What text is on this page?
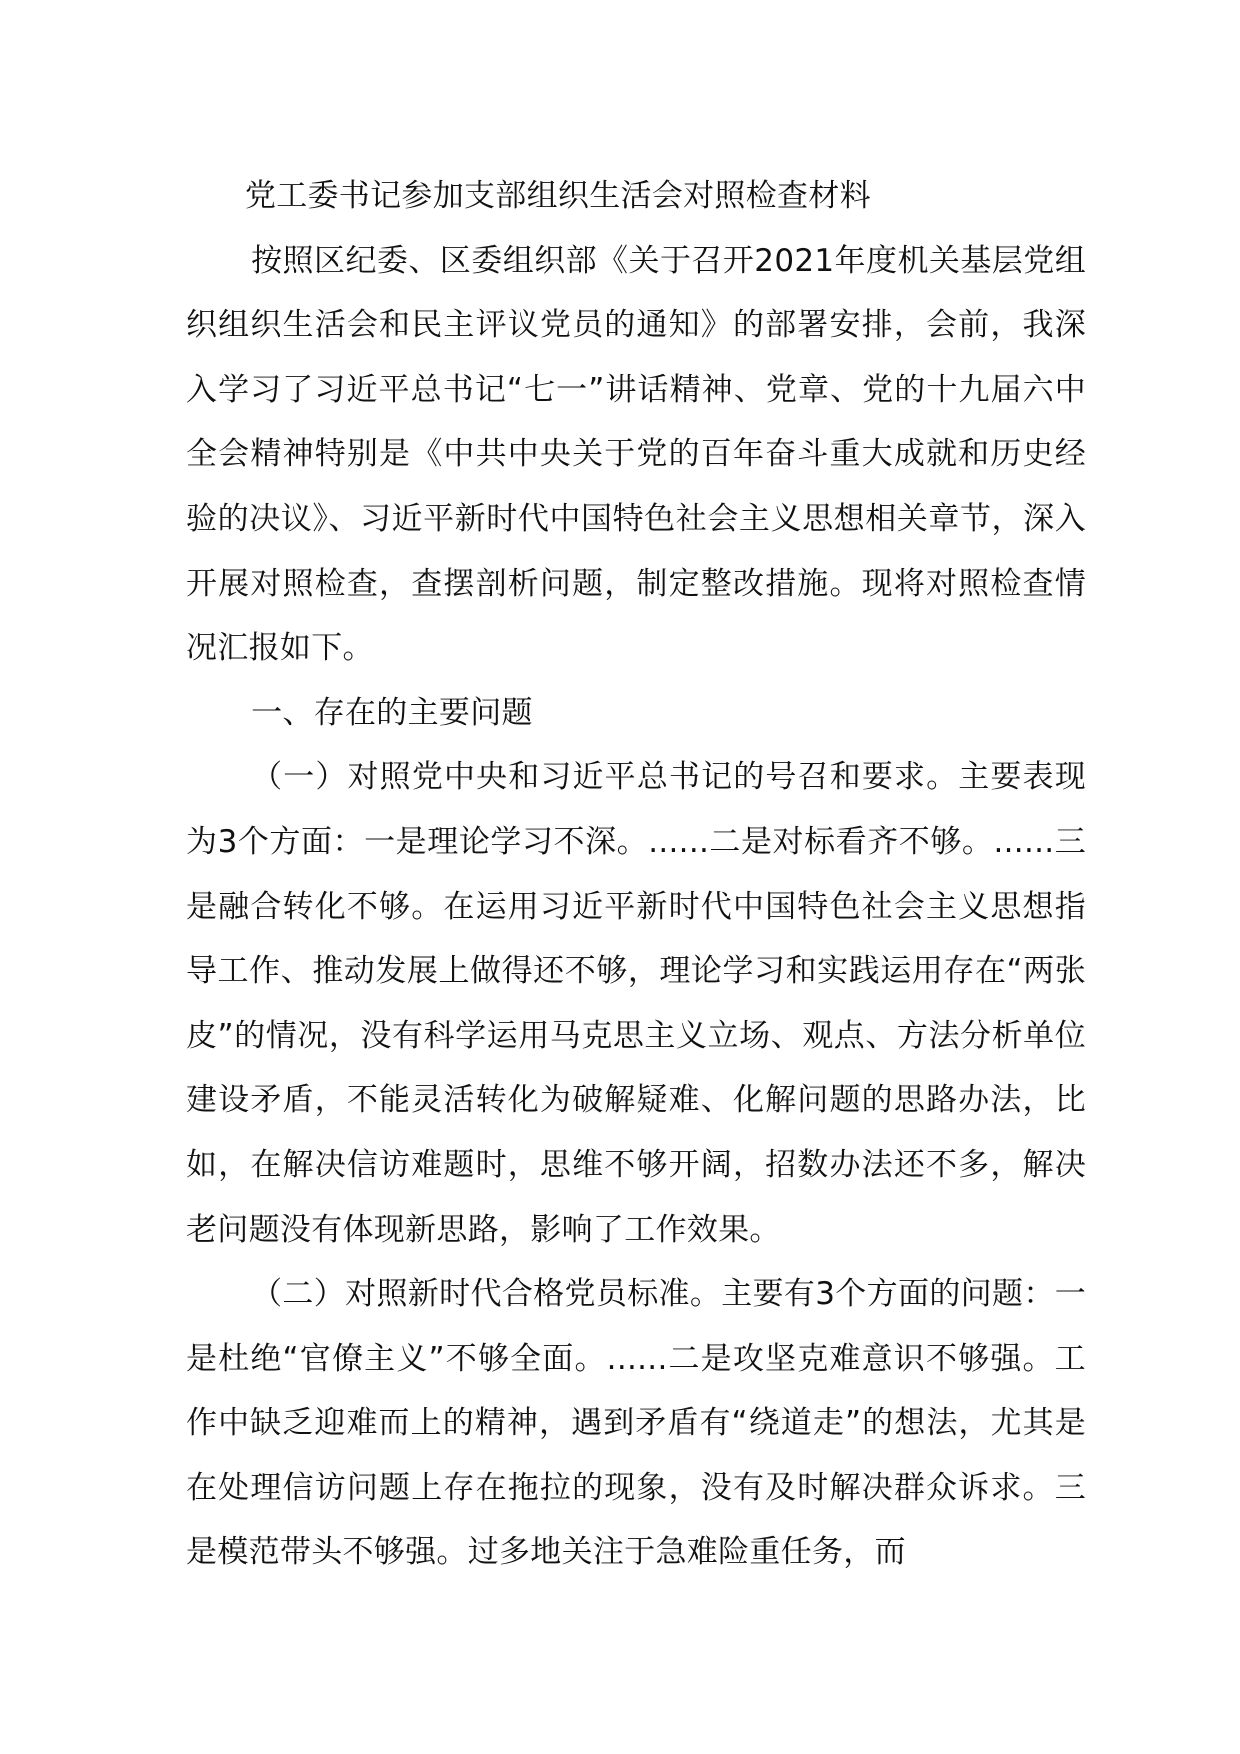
党工委书记参加支部组织生活会对照检查材料

按照区纪委、区委组织部《关于召开2021年度机关基层党组织组织生活会和民主评议党员的通知》的部署安排，会前，我深入学习了习近平总书记“七一”讲话精神、党章、党的十九届六中全会精神特别是《中共中央关于党的百年奋斗重大成就和历史经验的决议》、习近平新时代中国特色社会主义思想相关章节，深入开展对照检查，查摆剖析问题，制定整改措施。现将对照检查情况汇报如下。

一、存在的主要问题

（一）对照党中央和习近平总书记的号召和要求。主要表现为3个方面：一是理论学习不深。......二是对标看齐不够。......三是融合转化不够。在运用习近平新时代中国特色社会主义思想指导工作、推动发展上做得还不够，理论学习和实践运用存在“两张皮”的情况，没有科学运用马克思主义立场、观点、方法分析单位建设矛盾，不能灵活转化为破解疑难、化解问题的思路办法，比如，在解决信访难题时，思维不够开阔，招数办法还不多，解决老问题没有体现新思路，影响了工作效果。

（二）对照新时代合格党员标准。主要有3个方面的问题：一是杜绝“官僚主义”不够全面。......二是攻坚克难意识不够强。工作中缺乏迎难而上的精神，遇到矛盾有“绕道走”的想法，尤其是在处理信访问题上存在拖拉的现象，没有及时解决群众诉求。三是模范带头不够强。过多地关注于急难险重任务，而
